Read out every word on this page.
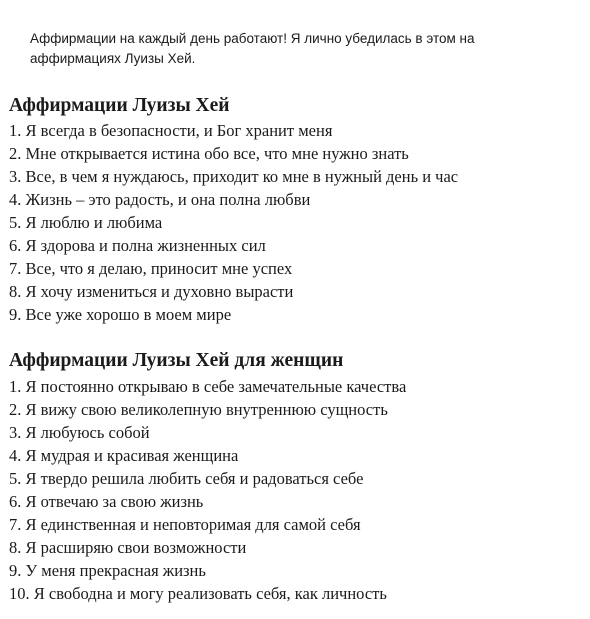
Аффирмации на каждый день работают! Я лично убедилась в этом на

аффирмациях Луизы Хей.

Аффирмации Луизы Хей
1. Я всегда в безопасности, и Бог хранит меня
2. Мне открывается истина обо все, что мне нужно знать
3. Все, в чем я нуждаюсь, приходит ко мне в нужный день и час
4. Жизнь – это радость, и она полна любви
5. Я люблю и любима
6. Я здорова и полна жизненных сил
7. Все, что я делаю, приносит мне успех
8. Я хочу измениться и духовно вырасти
9. Все уже хорошо в моем мире
Аффирмации Луизы Хей для женщин
1. Я постоянно открываю в себе замечательные качества
2. Я вижу свою великолепную внутреннюю сущность
3. Я любуюсь собой
4. Я мудрая и красивая женщина
5. Я твердо решила любить себя и радоваться себе
6. Я отвечаю за свою жизнь
7. Я единственная и неповторимая для самой себя
8. Я расширяю свои возможности
9. У меня прекрасная жизнь
10. Я свободна и могу реализовать себя, как личность
